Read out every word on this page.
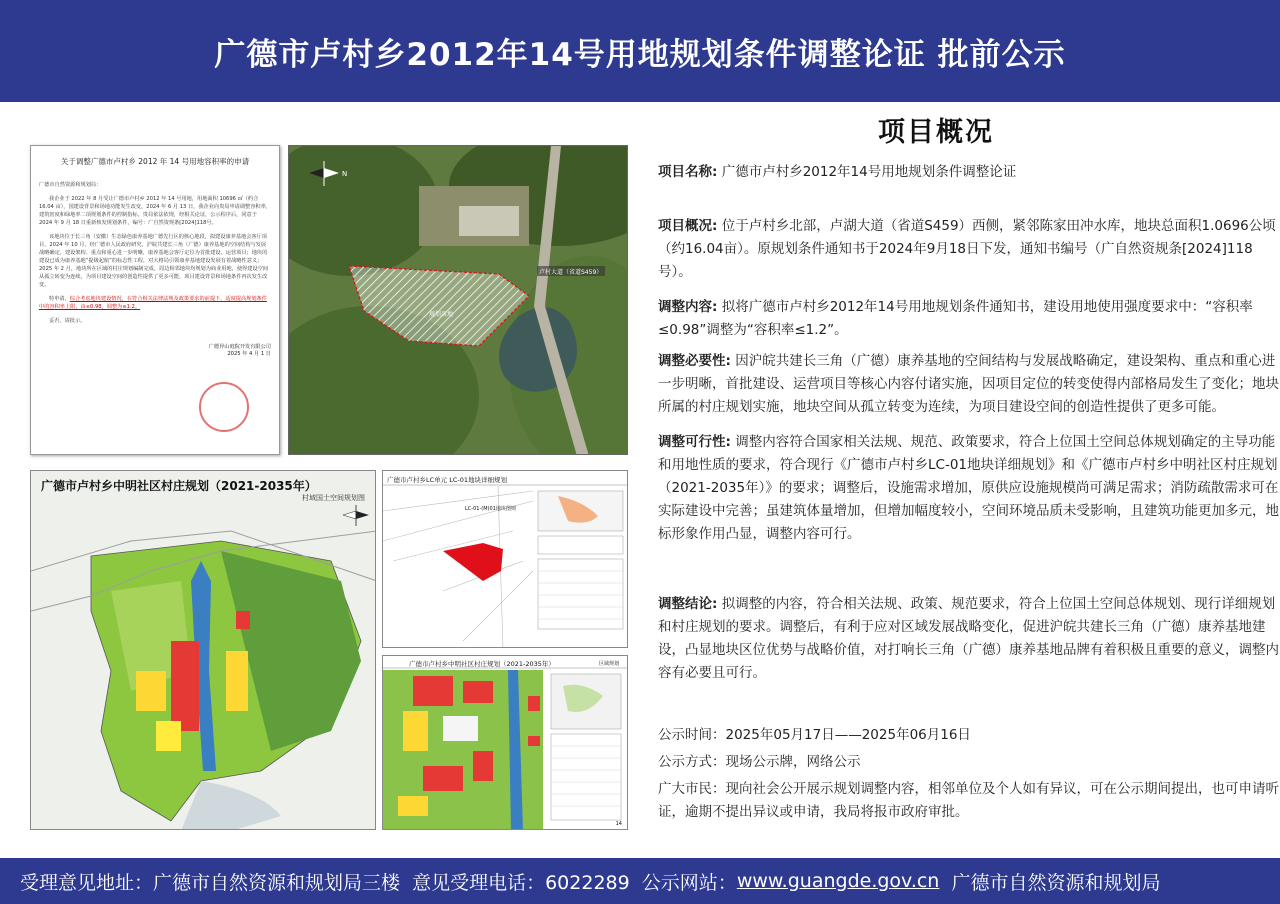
广德市卢村乡2012年14号用地规划条件调整论证 批前公示
关于调整广德市卢村乡 2012 年 14 号用地容积率的申请

广德市自然资源和规划局：

我企业于 2022 年 8 月受让广德市卢村乡 2012 年 14 号用地，用地面积 10696 ㎡（约合 16.04 亩），国建设背景和场地功能发生改变，2024 年 6 月 13 日，我企业向贵局申请调整容积率，建筑密度和绿地率二项规划条件的控制指标，贵局依法依规，经相关论证，公示程序后，同意于 2024 年 9 月 18 日重新核发规划条件，编号：广自然资规条[2024]118号。

该地块位于长三角（安徽）生态绿色康养基地广德先行区的核心地段，拟建设康养基地会客厅项目，2024 年 10 月，经广德市人民政府研究，沪皖共建长三角（广德）康养基地的空间结构与发展战略确定，建设架构、重点和重心进一步明晰，康养基地会客厅定位为首批建设、运营项目；地块的建设已成为康养基地“提级起航”的标志性工程，对大格局引领康养基地建设发展有着战略性意义；2025 年 2 月，地块所在区域的村庄规划编制完成，周边相邻地块均规划为商业用地，使得建设空间从孤立转变为连续，为项目建设空间的创造性提供了更多可能，项目建设背景和场地条件再次发生改变。

特申请，综合考虑地块建设情况，在符合相关法律法规及政策要求的前提下，适度提高规划条件中的容积率上限，由≤0.98，调整为≤1.2。

妥否，请批示。

广德异山庭院开发有限公司
2025 年 4 月 1 日
规划用地
卢村大道（省道S459）
N
广德市卢村乡中明社区村庄规划（2021-2035年）
村域国土空间规划图
广德市卢村乡LC单元 LC-01地块详细规划
LC-01-(M)01地块图则
广德市卢村乡中明社区村庄规划（2021-2035年）	区域规划
14
项目概况

项目名称: 广德市卢村乡2012年14号用地规划条件调整论证

项目概况: 位于卢村乡北部，卢湖大道（省道S459）西侧，紧邻陈家田冲水库，地块总面积1.0696公顷（约16.04亩）。原规划条件通知书于2024年9月18日下发，通知书编号（广自然资规条[2024]118号）。

调整内容: 拟将广德市卢村乡2012年14号用地规划条件通知书，建设用地使用强度要求中：“容积率≤0.98”调整为“容积率≤1.2”。

调整必要性: 因沪皖共建长三角（广德）康养基地的空间结构与发展战略确定，建设架构、重点和重心进一步明晰，首批建设、运营项目等核心内容付诸实施，因项目定位的转变使得内部格局发生了变化；地块所属的村庄规划实施，地块空间从孤立转变为连续，为项目建设空间的创造性提供了更多可能。

调整可行性: 调整内容符合国家相关法规、规范、政策要求，符合上位国土空间总体规划确定的主导功能和用地性质的要求，符合现行《广德市卢村乡LC-01地块详细规划》和《广德市卢村乡中明社区村庄规划（2021-2035年）》的要求；调整后，设施需求增加，原供应设施规模尚可满足需求；消防疏散需求可在实际建设中完善；虽建筑体量增加，但增加幅度较小，空间环境品质未受影响，且建筑功能更加多元，地标形象作用凸显，调整内容可行。

调整结论: 拟调整的内容，符合相关法规、政策、规范要求，符合上位国土空间总体规划、现行详细规划和村庄规划的要求。调整后，有利于应对区域发展战略变化，促进沪皖共建长三角（广德）康养基地建设，凸显地块区位优势与战略价值，对打响长三角（广德）康养基地品牌有着积极且重要的意义，调整内容有必要且可行。

公示时间：2025年05月17日——2025年06月16日

公示方式：现场公示牌，网络公示

广大市民：现向社会公开展示规划调整内容，相邻单位及个人如有异议，可在公示期间提出，也可申请听证，逾期不提出异议或申请，我局将报市政府审批。

受理意见地址：广德市自然资源和规划局三楼 意见受理电话：6022289 公示网站： www.guangde.gov.cn 广德市自然资源和规划局
